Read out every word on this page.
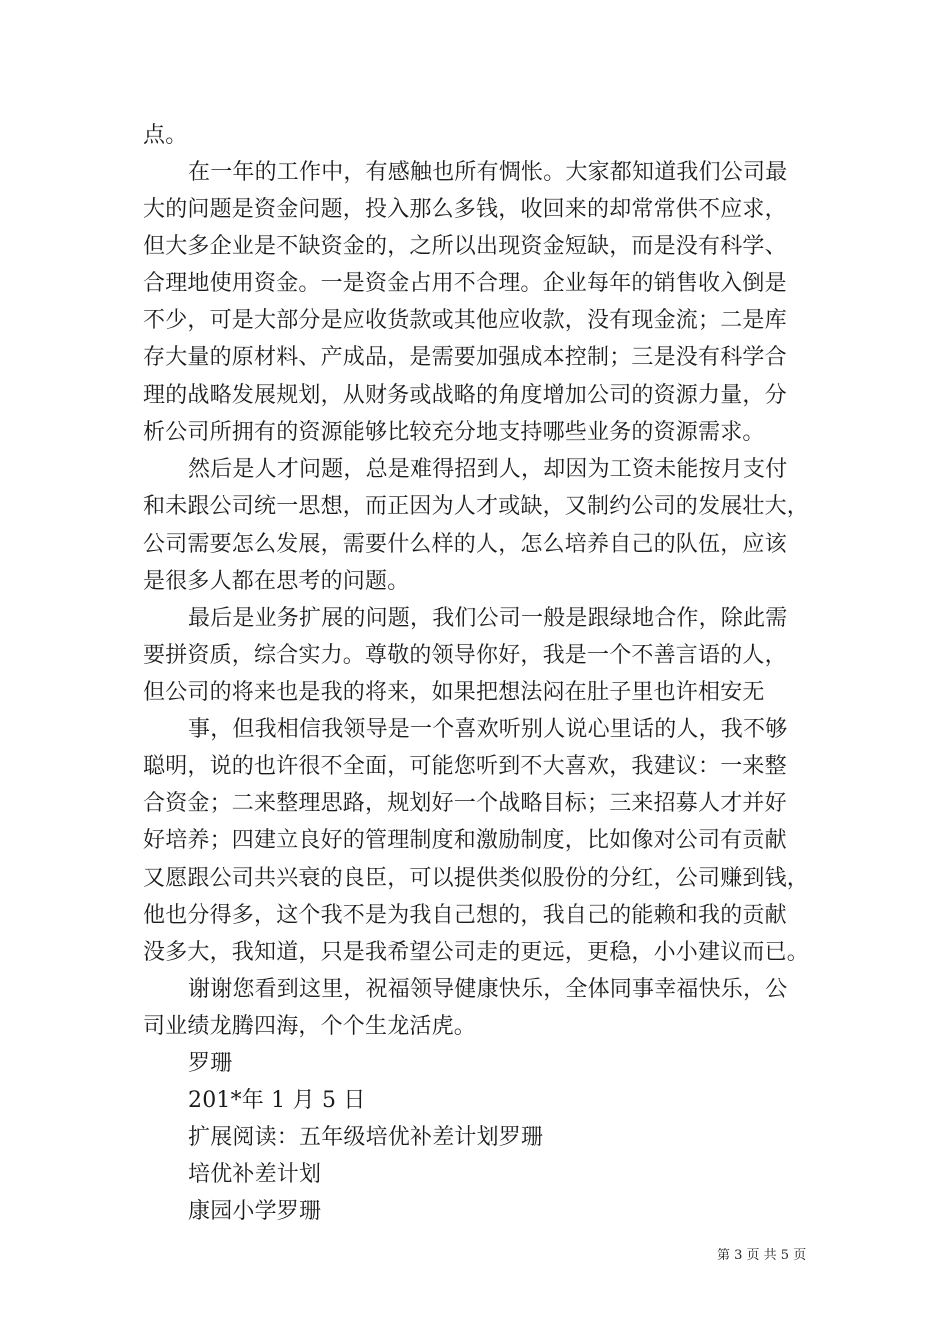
点。
在一年的工作中，有感触也所有惆怅。大家都知道我们公司最
大的问题是资金问题，投入那么多钱，收回来的却常常供不应求，
但大多企业是不缺资金的，之所以出现资金短缺，而是没有科学、
合理地使用资金。一是资金占用不合理。企业每年的销售收入倒是
不少，可是大部分是应收货款或其他应收款，没有现金流；二是库
存大量的原材料、产成品，是需要加强成本控制；三是没有科学合
理的战略发展规划，从财务或战略的角度增加公司的资源力量，分
析公司所拥有的资源能够比较充分地支持哪些业务的资源需求。
然后是人才问题，总是难得招到人，却因为工资未能按月支付
和未跟公司统一思想，而正因为人才或缺，又制约公司的发展壮大，
公司需要怎么发展，需要什么样的人，怎么培养自己的队伍，应该
是很多人都在思考的问题。
最后是业务扩展的问题，我们公司一般是跟绿地合作，除此需
要拼资质，综合实力。尊敬的领导你好，我是一个不善言语的人，
但公司的将来也是我的将来，如果把想法闷在肚子里也许相安无
事，但我相信我领导是一个喜欢听别人说心里话的人，我不够
聪明，说的也许很不全面，可能您听到不大喜欢，我建议：一来整
合资金；二来整理思路，规划好一个战略目标；三来招募人才并好
好培养；四建立良好的管理制度和激励制度，比如像对公司有贡献
又愿跟公司共兴衰的良臣，可以提供类似股份的分红，公司赚到钱，
他也分得多，这个我不是为我自己想的，我自己的能赖和我的贡献
没多大，我知道，只是我希望公司走的更远，更稳，小小建议而已。
谢谢您看到这里，祝福领导健康快乐，全体同事幸福快乐，公
司业绩龙腾四海，个个生龙活虎。
罗珊
201*年 1 月 5 日
扩展阅读：五年级培优补差计划罗珊
培优补差计划
康园小学罗珊
第 3 页 共 5 页
